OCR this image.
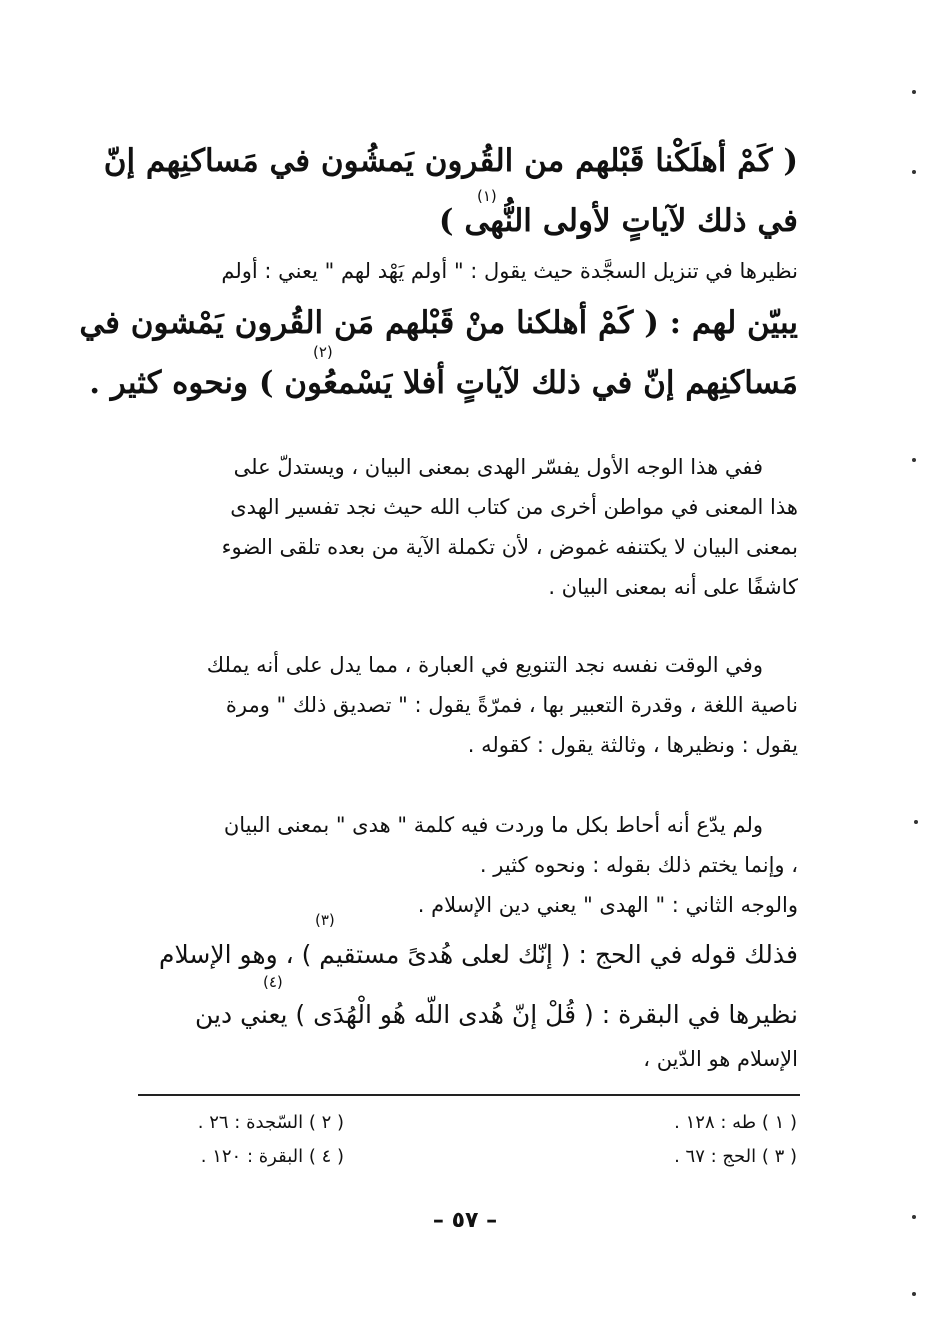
( كَمْ أهلَكْنا قَبْلهم من القُرون يَمشُون في مَساكنِهم إنّ
في ذلك لآياتٍ لأولى النُّهى )
نظيرها في تنزيل السجَّدة حيث يقول : " أولم يَهْد لهم " يعني : أولم
يبيّن لهم : ( كَمْ أهلكنا منْ قَبْلهم مَن القُرون يَمْشون في
مَساكنِهم إنّ في ذلك لآياتٍ أفلا يَسْمعُون ) ونحوه كثير .
ففي هذا الوجه الأول يفسّر الهدى بمعنى البيان ، ويستدلّ على
هذا المعنى في مواطن أخرى من كتاب الله حيث نجد تفسير الهدى
بمعنى البيان لا يكتنفه غموض ، لأن تكملة الآية من بعده تلقى الضوء
كاشفًا على أنه بمعنى البيان .
وفي الوقت نفسه نجد التنويع في العبارة ، مما يدل على أنه يملك
ناصية اللغة ، وقدرة التعبير بها ، فمرّةً يقول : " تصديق ذلك " ومرة
يقول : ونظيرها ، وثالثة يقول : كقوله .
ولم يدّع أنه أحاط بكل ما وردت فيه كلمة " هدى " بمعنى البيان
، وإنما يختم ذلك بقوله : ونحوه كثير .
والوجه الثاني : " الهدى " يعني دين الإسلام .
فذلك قوله في الحج : ( إنّك لعلى هُدىً مستقيم ) ، وهو الإسلام
نظيرها في البقرة : ( قُلْ إنّ هُدى اللّه هُو الْهُدَى ) يعني دين
الإسلام هو الدّين ،
(١)
(٢)
(٣)
(٤)
( ١ ) طه : ١٢٨ .
( ٢ ) السّجدة : ٢٦ .
( ٣ ) الحج : ٦٧ .
( ٤ ) البقرة : ١٢٠ .
– ٥٧ –
